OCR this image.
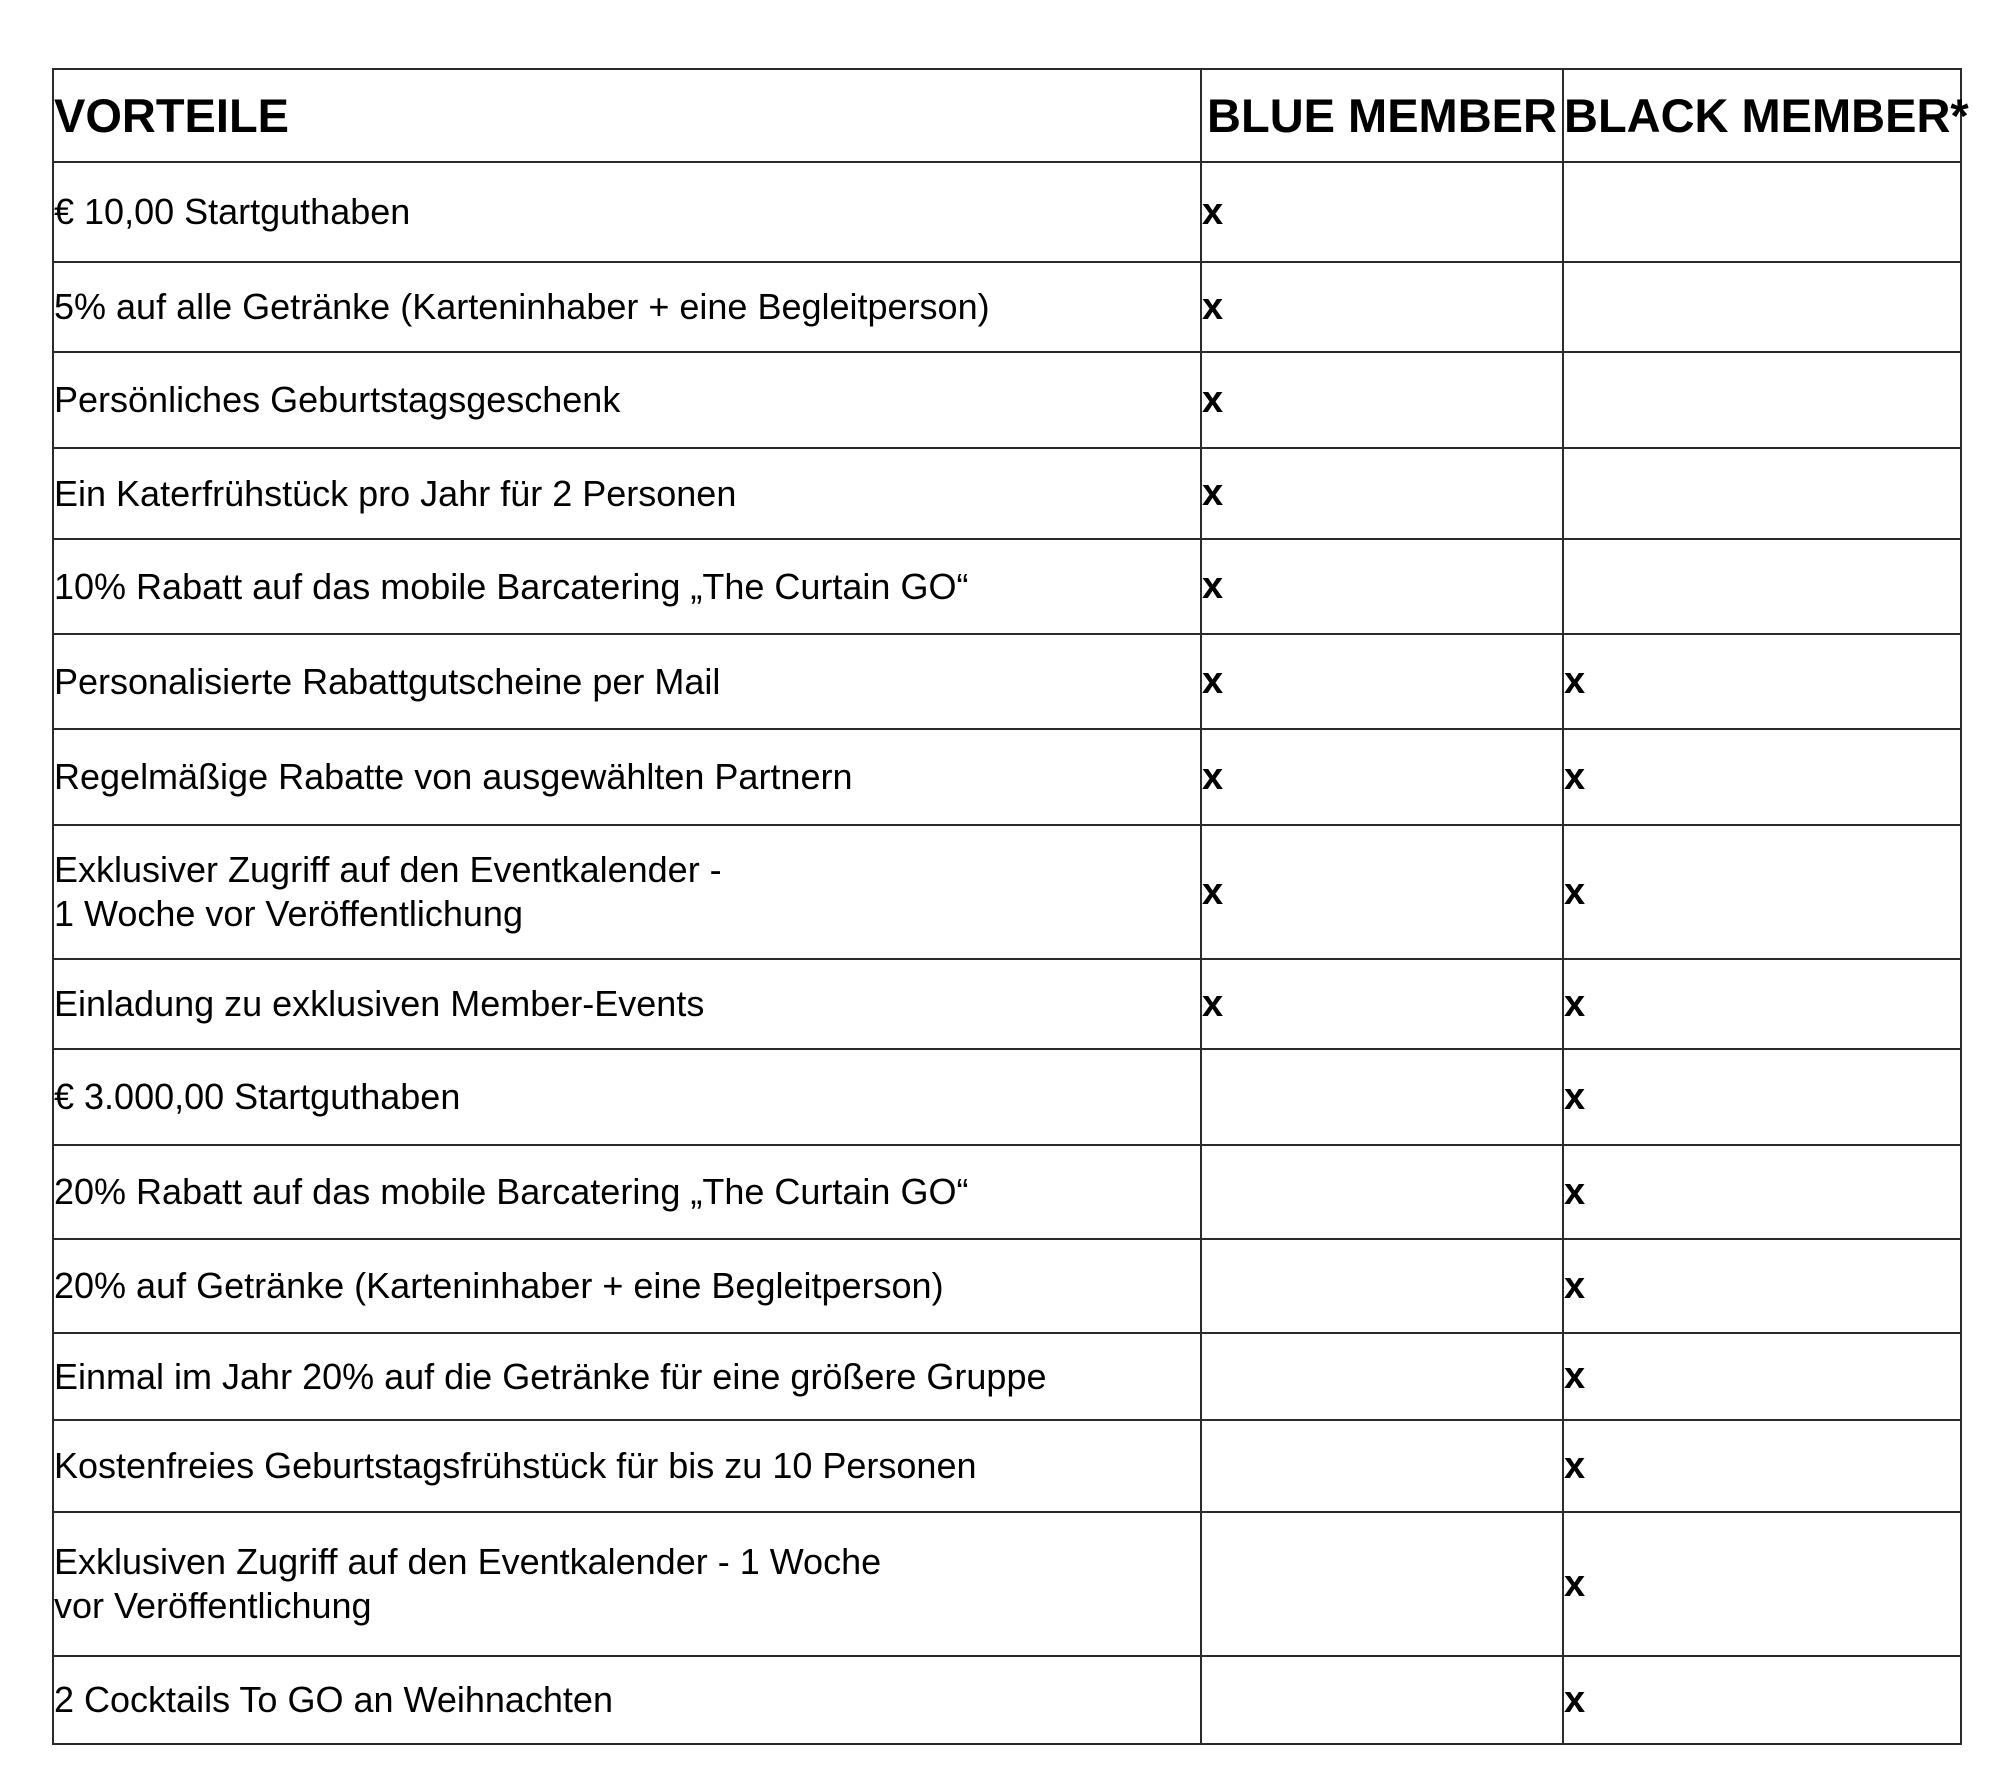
VORTEILE	BLUE MEMBER	BLACK MEMBER*
€ 10,00 Startguthaben	x	
5% auf alle Getränke (Karteninhaber + eine Begleitperson)	x	
Persönliches Geburtstagsgeschenk	x	
Ein Katerfrühstück pro Jahr für 2 Personen	x	
10% Rabatt auf das mobile Barcatering „The Curtain GO“	x	
Personalisierte Rabattgutscheine per Mail	x	x
Regelmäßige Rabatte von ausgewählten Partnern	x	x
Exklusiver Zugriff auf den Eventkalender -
1 Woche vor Veröffentlichung	x	x
Einladung zu exklusiven Member-Events	x	x
€ 3.000,00 Startguthaben		x
20% Rabatt auf das mobile Barcatering „The Curtain GO“		x
20% auf Getränke (Karteninhaber + eine Begleitperson)		x
Einmal im Jahr 20% auf die Getränke für eine größere Gruppe		x
Kostenfreies Geburtstagsfrühstück für bis zu 10 Personen		x
Exklusiven Zugriff auf den Eventkalender - 1 Woche
vor Veröffentlichung		x
2 Cocktails To GO an Weihnachten		x
